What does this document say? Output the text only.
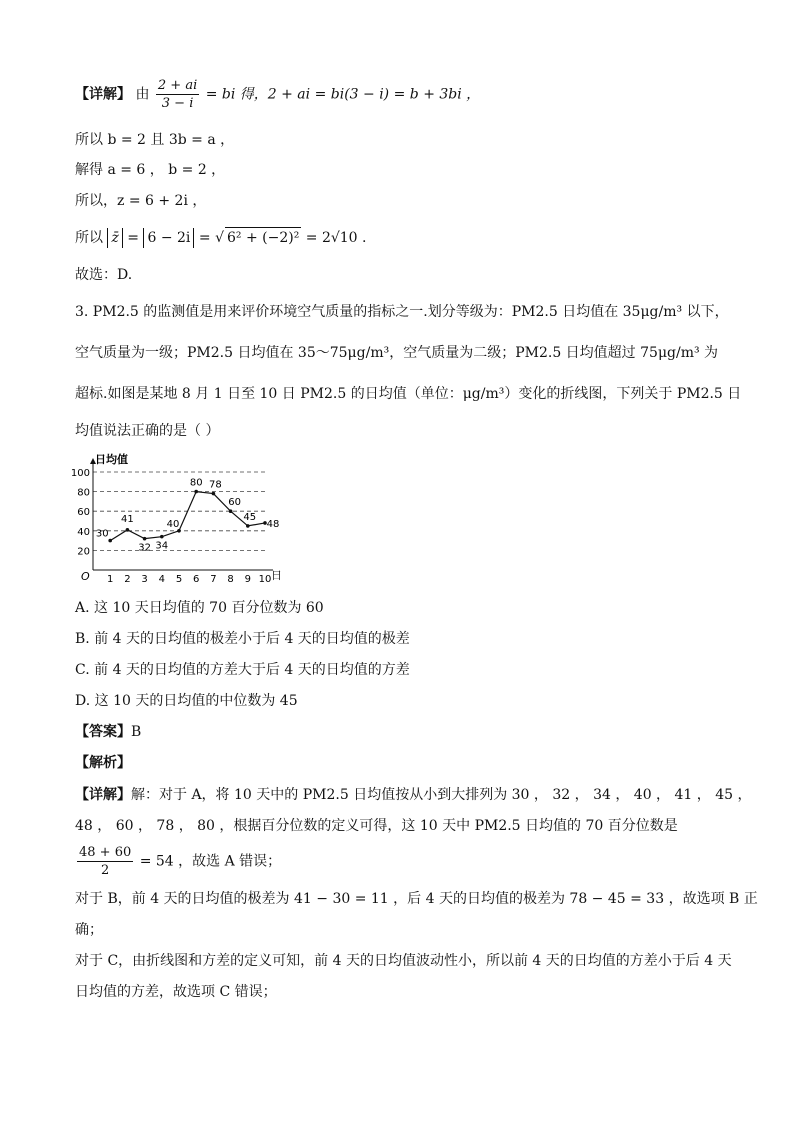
【详解】 由 $\frac{2 + ai}{3 - i}$ = bi 得，2 + ai = bi(3 − i) = b + 3bi ，
所以 b = 2 且 3b = a ，
解得 a = 6 ， b = 2 ，
所以，z = 6 + 2i ，
所以 z̄ = 6 − 2i = √ 6² + (−2)² = 2√10 .
故选：D.
3. PM2.5 的监测值是用来评价环境空气质量的指标之一.划分等级为：PM2.5 日均值在 35μg/m³ 以下，
空气质量为一级；PM2.5 日均值在 35～75μg/m³，空气质量为二级；PM2.5 日均值超过 75μg/m³ 为
超标.如图是某地 8 月 1 日至 10 日 PM2.5 的日均值（单位：μg/m³）变化的折线图，下列关于 PM2.5 日
均值说法正确的是（ ）
20
40
60
80
100
1 2 3 4 5 6 7 8 9 10
30
41
32 34
40
80 78
60
45
48
日均值
日
O
A. 这 10 天日均值的 70 百分位数为 60
B. 前 4 天的日均值的极差小于后 4 天的日均值的极差
C. 前 4 天的日均值的方差大于后 4 天的日均值的方差
D. 这 10 天的日均值的中位数为 45
【答案】B
【解析】
【详解】解：对于 A，将 10 天中的 PM2.5 日均值按从小到大排列为 30 ， 32 ， 34 ， 40 ， 41 ， 45 ，
48 ， 60 ， 78 ， 80 ，根据百分位数的定义可得，这 10 天中 PM2.5 日均值的 70 百分位数是
$\frac{48 + 60}{2} = 54$ ，故选 A 错误；
对于 B，前 4 天的日均值的极差为 41 − 30 = 11 ，后 4 天的日均值的极差为 78 − 45 = 33 ，故选项 B 正
确；
对于 C，由折线图和方差的定义可知，前 4 天的日均值波动性小，所以前 4 天的日均值的方差小于后 4 天
日均值的方差，故选项 C 错误；
